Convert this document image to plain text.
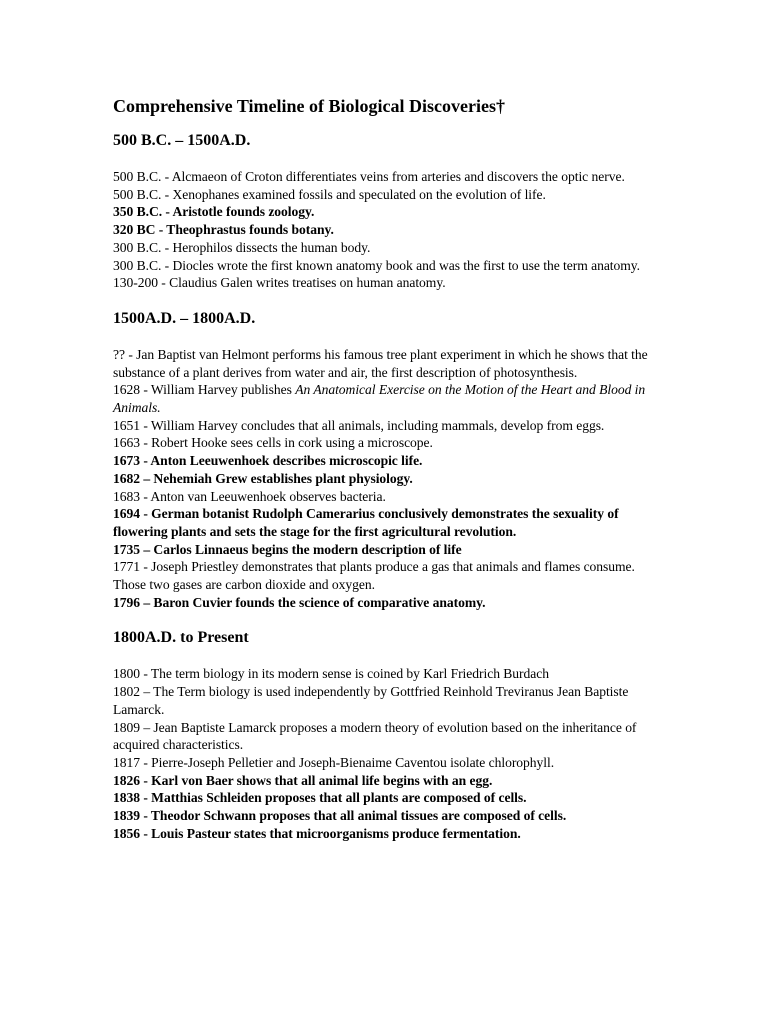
Comprehensive Timeline of Biological Discoveries†
500 B.C. – 1500A.D.

500 B.C. - Alcmaeon of Croton differentiates veins from arteries and discovers the optic nerve.

500 B.C. - Xenophanes examined fossils and speculated on the evolution of life.

350 B.C. - Aristotle founds zoology.

320 BC - Theophrastus founds botany.

300 B.C. - Herophilos dissects the human body.

300 B.C. - Diocles wrote the first known anatomy book and was the first to use the term anatomy.

130-200 - Claudius Galen writes treatises on human anatomy.

1500A.D. – 1800A.D.

?? - Jan Baptist van Helmont performs his famous tree plant experiment in which he shows that the substance of a plant derives from water and air, the first description of photosynthesis.

1628 - William Harvey publishes An Anatomical Exercise on the Motion of the Heart and Blood in Animals.

1651 - William Harvey concludes that all animals, including mammals, develop from eggs.

1663 - Robert Hooke sees cells in cork using a microscope.

1673 - Anton Leeuwenhoek describes microscopic life.

1682 – Nehemiah Grew establishes plant physiology.

1683 - Anton van Leeuwenhoek observes bacteria.

1694 - German botanist Rudolph Camerarius conclusively demonstrates the sexuality of flowering plants and sets the stage for the first agricultural revolution.

1735 – Carlos Linnaeus begins the modern description of life

1771 - Joseph Priestley demonstrates that plants produce a gas that animals and flames consume. Those two gases are carbon dioxide and oxygen.

1796 – Baron Cuvier founds the science of comparative anatomy.

1800A.D. to Present

1800 - The term biology in its modern sense is coined by Karl Friedrich Burdach

1802 – The Term biology is used independently by Gottfried Reinhold Treviranus Jean Baptiste Lamarck.

1809 – Jean Baptiste Lamarck proposes a modern theory of evolution based on the inheritance of acquired characteristics.

1817 - Pierre-Joseph Pelletier and Joseph-Bienaime Caventou isolate chlorophyll.

1826 - Karl von Baer shows that all animal life begins with an egg.

1838 - Matthias Schleiden proposes that all plants are composed of cells.

1839 - Theodor Schwann proposes that all animal tissues are composed of cells.

1856 - Louis Pasteur states that microorganisms produce fermentation.
